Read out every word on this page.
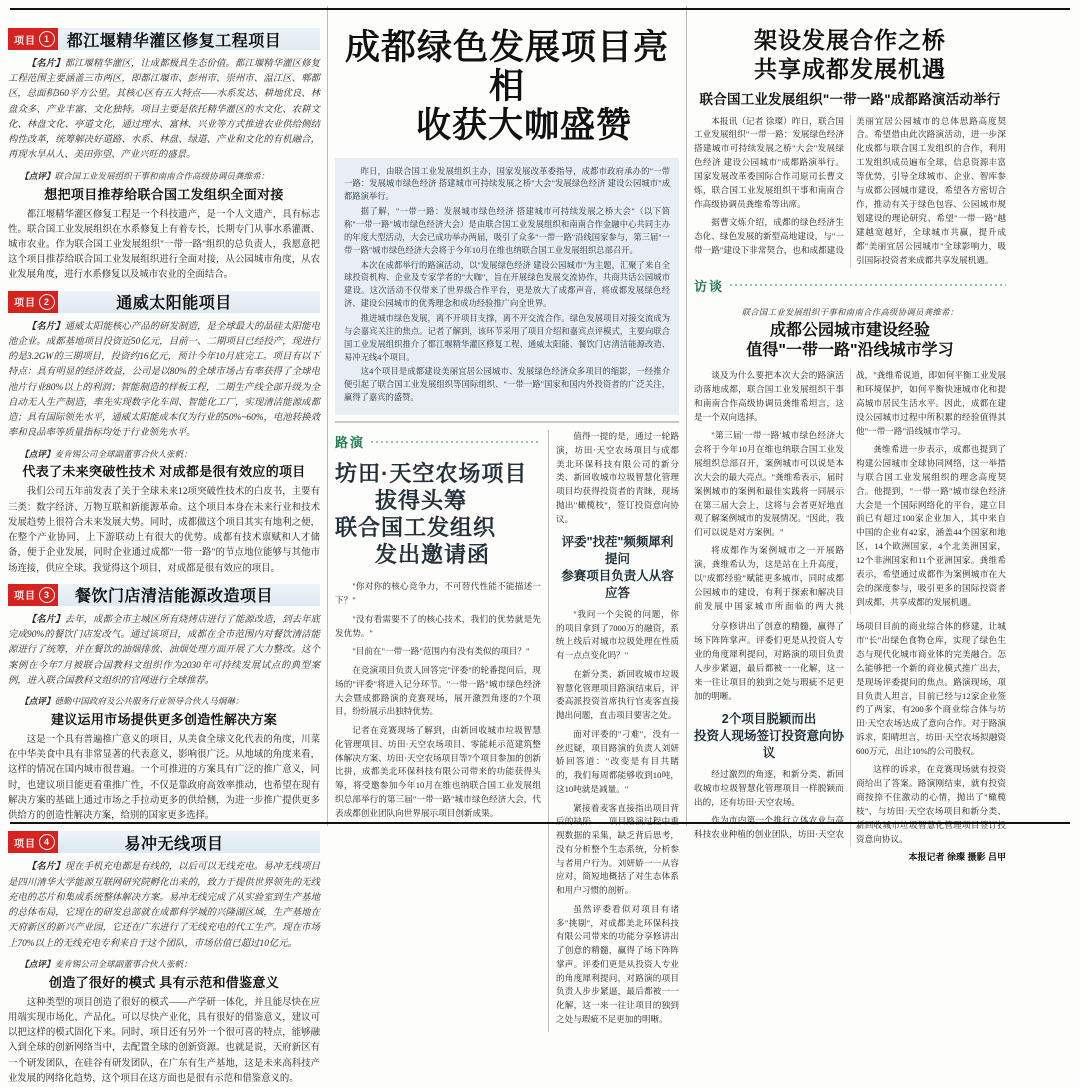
项目 1	都江堰精华灌区修复工程项目

【名片】都江堰精华灌区，让成都极具生态价值。都江堰精华灌区修复工程范围主要涵盖三市两区，即都江堰市、彭州市、崇州市、温江区、郫都区，总面积360平方公里。其核心区有五大特点——水系发达、耕地优良、林盘众多、产业丰富、文化独特。项目主要是依托精华灌区的水文化、农耕文化、林盘文化、亭道文化，通过理水、富林、兴业等方式推进农业供给侧结构性改革，统筹解决好道路、水系、林盘、绿道、产业和文化的有机融合，再现水旱从人、美田弥望、产业兴旺的盛景。

【点评】联合国工业发展组织干事和南南合作高级协调员龚维希：

想把项目推荐给联合国工发组织全面对接

都江堰精华灌区修复工程是一个科技遗产，是一个人文遗产，具有标志性。联合国工业发展组织在水系修复上有着专长，长期专门从事水系灌溉、城市农业。作为联合国工业发展组织"一带一路"组织的总负责人，我愿意把这个项目推荐给联合国工业发展组织进行全面对接，从公园城市角度，从农业发展角度，进行水系修复以及城市农业的全面结合。

项目 2	通威太阳能项目

【名片】通威太阳能核心产品的研发制造，是全球最大的晶硅太阳能电池企业。成都基地项目投资近50亿元，目前一、二期项目已经投产，现进行的是3.2GW的三期项目，投资约16亿元，预计今年10月底完工。项目有以下特点：具有明显的经济效益，公司是以80%的全球市场占有率获得了全球电池片行业80%以上的利润；智能制造的样板工程，二期生产线全部升级为全自动无人生产制造，率先实现数字化车间、智能化工厂，实现清洁能源成都造；具有国际领先水平，通威太阳能成本仅为行业的50%~60%，电池转换效率和良品率等质量指标均处于行业领先水平。

【点评】麦肯锡公司全球副董事合伙人张帆：

代表了未来突破性技术 对成都是很有效应的项目

我们公司五年前发表了关于全球未来12项突破性技术的白皮书，主要有三类：数字经济、万物互联和新能源革命。这个项目本身在未来行业和技术发展趋势上很符合未来发展大势。同时，成都做这个项目其实有地利之便，在整个产业协同，上下游联动上有很大的优势。成都有技术禀赋和人才储备，便于企业发展，同时企业通过成都"一带一路"的节点地位能够与其他市场连接，供应全球。我觉得这个项目，对成都是很有效应的项目。

项目 3	餐饮门店清洁能源改造项目

【名片】去年，成都全市主城区所有烧烤店进行了能源改造，到去年底完成90%的餐饮门店发改气。通过该项目，成都在全市范围内对餐饮清洁能源进行了统筹，并在餐饮的油烟排放、油烟处理方面开展了大力整改。这个案例在今年7月被联合国教科文组织作为2030年可持续发展试点的典型案例，进入联合国教科文组织的官网进行全球推荐。

【点评】德勤中国政府及公共服务行业领导合伙人马炯琳：

建议运用市场提供更多创造性解决方案

这是一个具有普遍推广意义的项目，从美食全球文化代表的角度，川菜在中华美食中具有非常显著的代表意义，影响很广泛。从地域的角度来看，这样的情况在国内城市很普遍。一个可推进的方案具有广泛的推广意义，同时，也建议项目能更看重推广性，不仅是靠政府高效率推动，也希望在现有解决方案的基础上通过市场之手拉动更多的供给侧，为进一步推广提供更多供给方的创造性解决方案，给别的国家更多选择。

项目 4	易冲无线项目

【名片】现在手机充电都是有线的，以后可以无线充电。易冲无线项目是四川清华大学能源互联网研究院孵化出来的，致力于提供世界领先的无线充电的芯片和集成系统整体解决方案。易冲无线完成了从实验室到生产基地的总体布局，它现在的研发总部就在成都科学城的兴隆湖区域，生产基地在天府新区的新兴产业园，它还在广东进行了无线充电的代工生产。现在市场上70%以上的无线充电专利来自于这个团队，市场估值已超过10亿元。

【点评】麦肯锡公司全球副董事合伙人张帆：

创造了很好的模式 具有示范和借鉴意义

这种类型的项目创造了很好的模式——产学研一体化，并且能尽快在应用端实现市场化、产品化。可以尽快产业化，具有很好的借鉴意义，建议可以把这样的模式固化下来。同时，项目还有另外一个很可喜的特点，能够融入到全球的创新网络当中，去配置全球的创新资源。也就是说，天府新区有一个研发团队，在硅谷有研发团队，在广东有生产基地，这是未来高科技产业发展的网络化趋势，这个项目在这方面也是很有示范和借鉴意义的。

成都绿色发展项目亮相
收获大咖盛赞

昨日，由联合国工业发展组织主办，国家发展改革委指导，成都市政府承办的"一带一路：发展城市绿色经济 搭建城市可持续发展之桥"大会"发展绿色经济 建设公园城市"成都路演举行。

据了解，"一带一路：发展城市绿色经济 搭建城市可持续发展之桥大会"（以下简称"一带一路"城市绿色经济大会）是由联合国工业发展组织和南南合作金融中心共同主办的年度大型活动，大会已成功举办两届，吸引了众多"一带一路"沿线国家参与，第三届"一带一路"城市绿色经济大会将于今年10月在维也纳联合国工业发展组织总部召开。

本次在成都举行的路演活动，以"发展绿色经济 建设公园城市"为主题，汇聚了来自全球投资机构、企业及专家学者的"大咖"，旨在开展绿色发展交流协作，共商共话公园城市建设。这次活动不仅带来了世界级合作平台，更是放大了成都声音，将成都发展绿色经济、建设公园城市的优秀理念和成功经验推广向全世界。

推进城市绿色发展，离不开项目支撑，离不开交流合作。绿色发展项目对接交流成为与会嘉宾关注的焦点。记者了解到，该环节采用了项目介绍和嘉宾点评模式，主要向联合国工业发展组织推介了都江堰精华灌区修复工程、通威太阳能、餐饮门店清洁能源改造、易冲无线4个项目。

这4个项目是成都建设美丽宜居公园城市、发展绿色经济众多项目的缩影，一经推介便引起了联合国工业发展组织等国际组织、"一带一路"国家和国内外投资者的广泛关注，赢得了嘉宾的盛赞。

路演
坊田·天空农场项目
拔得头筹
联合国工发组织
发出邀请函

"你对你的核心竞争力，不可替代性能不能描述一下？"

"没有看需要不了的核心技术，我们的优势就是先发优势。"

"目前在"一带一路"范围内有没有类似的项目？"

在竞演项目负责人回答完"评委"的轮番提问后，现场的"评委"将进入记分环节。"一带一路"城市绿色经济大会暨成都路演的竞赛现场，展开激烈角逐的7个项目，纷纷展示出独特优势。

记者在竞赛现场了解到，由新回收城市垃圾智慧化管理项目、坊田·天空农场项目、零能耗示范建筑整体解决方案、坊田·天空农场项目等7个项目参加的创新比拼，成都美北环保科技有限公司带来的功能获得头筹，将受邀参加今年10月在维也纳联合国工业发展组织总部举行的第三届"一带一路"城市绿色经济大会，代表成都创业团队向世界展示项目创新成果。

值得一提的是，通过一轮路演，坊田·天空农场项目与成都美北环保科技有限公司的新分类、新回收城市垃圾智慧化管理项目均获得投资者的青睐，现场抛出"橄榄枝"，签订投资意向协议。

评委"找茬"频频犀利提问
参赛项目负责人从容应答

"我问一个尖锐的问题，你的项目拿到了7000万的融资，系统上线后对城市垃圾处理在性质有一点点变化吗？"

在新分类、新回收城市垃圾智慧化管理项目路演结束后，评委高派投资首席执行官麦客直接抛出问题，直击项目要害之处。

面对评委的"刁难"，没有一丝迟疑，项目路演的负责人刘妍娇回答道："改变是有目共睹的，我们每周都能够收到10吨，这10吨就是减量。"

紧接着麦客直接指出项目背后的缺陷——项目路演过程中重视数据的采集，缺乏背后思考，没有分析整个生态系统，分析参与者用户行为。刘妍娇一一从容应对，简短地概括了对生态体系和用户习惯的剖析。

虽然评委看似对项目有诸多"挑剔"，对成都美北环保科技有限公司带来的功能分享修讲出了创意的精髓，赢得了场下阵阵掌声。评委们更是从投资人专业的角度犀利提问，对路演的项目负责人步步紧逼，最后都被一一化解，这一来一往让项目的独到之处与瑕疵不足更加的明晰。

架设发展合作之桥
共享成都发展机遇
联合国工业发展组织"一带一路"成都路演活动举行

本报讯（记者 徐璨）昨日，联合国工业发展组织"一带一路：发展绿色经济 搭建城市可持续发展之桥"大会"发展绿色经济 建设公园城市"成都路演举行。国家发展改革委国际合作司原司长曹文炼，联合国工业发展组织干事和南南合作高级协调员龚维希等出席。

据曹文炼介绍，成都的绿色经济生态化、绿色发展的新型高地建设，与"一带一路"建设下非常契合，也和成都建设美丽宜居公园城市的总体思路高度契合。希望借由此次路演活动，进一步深化成都与联合国工发组织的合作，利用工发组织成员遍布全球，信息资源丰富等优势，引导全球城市、企业、智库参与成都公园城市建设，希望各方密切合作，推动有关于绿色包容、公园城市规划建设的理论研究、希望"一带一路"越建越宽越好，全球城市共赢，提升成都"美丽宜居公园城市"全球影响力，吸引国际投资者来成都共享发展机遇。

访谈
联合国工业发展组织干事和南南合作高级协调员龚维希：
成都公园城市建设经验
值得"一带一路"沿线城市学习

谈及为什么要把本次大会的路演活动落地成都，联合国工业发展组织干事和南南合作高级协调员龚维希坦言，这是一个双向选择。

"第三届'一带一路'城市绿色经济大会将于今年10月在维也纳联合国工业发展组织总部召开，案例城市可以说是本次大会的最大亮点。"龚维希表示，届时案例城市的案例和最佳实践将一同展示在第三届大会上，这将与会者更好地直观了解案例城市的发展情况。"因此，我们可以说是对方案例。"

将成都作为案例城市之一开展路演，龚维希认为，这是站在上升高度，以"成都经验"赋能更多城市，同时成都公园城市的建设，有利于探索和解决目前发展中国家城市所面临的两大挑战，"龚维希说道，即如何平衡工业发展和环境保护，如何平衡快速城市化和提高城市居民生活水平。因此，成都在建设公园城市过程中所积累的经验值得其他"一带一路"沿线城市学习。

龚维希进一步表示，成都也提到了构建公园城市全球协同网络，这一举措与联合国工业发展组织的理念高度契合。他提到，"一带一路"城市绿色经济大会是一个国际网络化的平台，建立目前已有超过100家企业加入，其中来自中国的企业有42家，涵盖44个国家和地区，14个欧洲国家，4个北美洲国家，12个非洲国家和11个亚洲国家。龚维希表示，希望通过成都作为案例城市在大会的深度参与，吸引更多的国际投资者到成都，共享成都的发展机遇。

分享修讲出了创意的精髓，赢得了场下阵阵掌声。评委们更是从投资人专业的角度犀利提问，对路演的项目负责人步步紧逼，最后都被一一化解，这一来一往让项目的独到之处与瑕疵不足更加的明晰。

2个项目脱颖而出
投资人现场签订投资意向协议

经过激烈的角逐，和新分类、新回收城市垃圾智慧化管理项目一样脱颖而出的，还有坊田·天空农场。

作为市内第一个推行立体农业与高科技农业种植的创业团队，坊田·天空农场项目目前的商业综合体的修建，让城市"长"出绿色食物仓库，实现了绿色生态与现代化城市商业体的完美融合。怎么能够把一个新的商业模式推广出去，是现场评委提问的焦点。路演现场，项目负责人坦言，目前已经与12家企业签约了两家，有200多个商业综合体与坊田·天空农场达成了意向合作。对于路演诉求，阳晴坦言，坊田·天空农场拟融资600万元，出让10%的公司股权。

这样的诉求，在竞赛现场就有投资商给出了答案。路演刚结束，就有投资商按捺不住激动的心情，抛出了"橄榄枝"，与坊田·天空农场项目和新分类、新回收城市垃圾智慧化管理项目签订投资意向协议。

本报记者 徐璨 摄影 吕甲
